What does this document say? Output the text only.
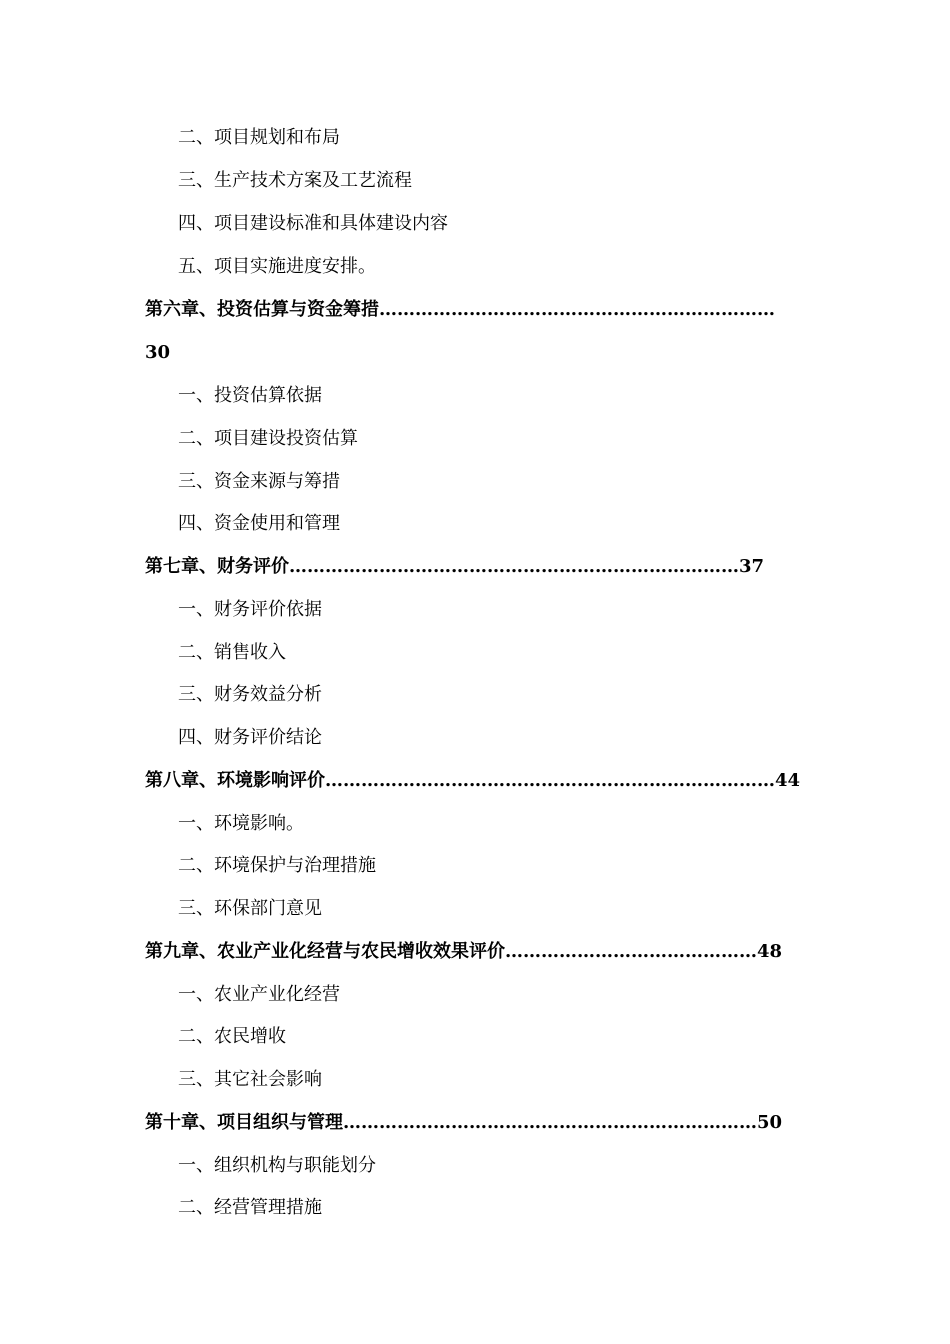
二、项目规划和布局
三、生产技术方案及工艺流程
四、项目建设标准和具体建设内容
五、项目实施进度安排。
第六章、投资估算与资金筹措…………………………………………………………
30
一、投资估算依据
二、项目建设投资估算
三、资金来源与筹措
四、资金使用和管理
第七章、财务评价…………………………………………………………………37
一、财务评价依据
二、销售收入
三、财务效益分析
四、财务评价结论
第八章、环境影响评价…………………………………………………………………44
一、环境影响。
二、环境保护与治理措施
三、环保部门意见
第九章、农业产业化经营与农民增收效果评价……………………………………48
一、农业产业化经营
二、农民增收
三、其它社会影响
第十章、项目组织与管理……………………………………………………………50
一、组织机构与职能划分
二、经营管理措施
